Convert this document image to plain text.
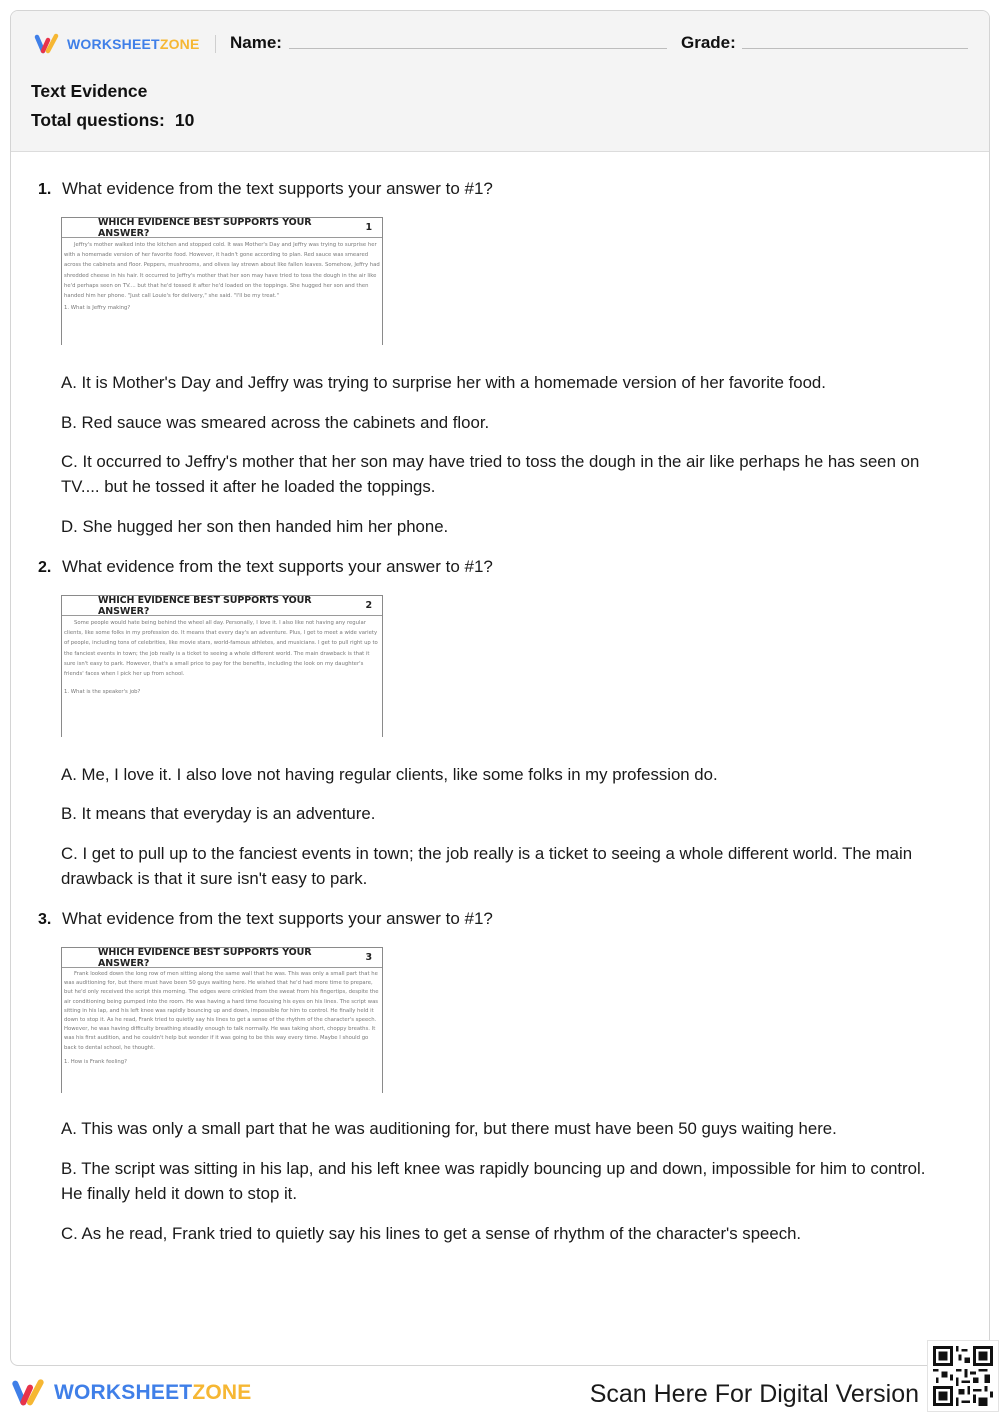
WORKSHEETZONE Name:	Grade:
Text Evidence
Total questions: 10
1. What evidence from the text supports your answer to #1?
WHICH EVIDENCE BEST SUPPORTS YOUR ANSWER?	1
Jeffry's mother walked into the kitchen and stopped cold. It was Mother's Day and Jeffry was trying to surprise her with a homemade version of her favorite food. However, it hadn't gone according to plan. Red sauce was smeared across the cabinets and floor. Peppers, mushrooms, and olives lay strewn about like fallen leaves. Somehow, Jeffry had shredded cheese in his hair. It occurred to Jeffry's mother that her son may have tried to toss the dough in the air like he'd perhaps seen on TV.... but that he'd tossed it after he'd loaded on the toppings. She hugged her son and then handed him her phone. "Just call Louie's for delivery," she said. "I'll be my treat."
1. What is Jeffry making?
A. It is Mother's Day and Jeffry was trying to surprise her with a homemade version of her favorite food.
B. Red sauce was smeared across the cabinets and floor.
C. It occurred to Jeffry's mother that her son may have tried to toss the dough in the air like perhaps he has seen on TV.... but he tossed it after he loaded the toppings.
D. She hugged her son then handed him her phone.
2. What evidence from the text supports your answer to #1?
WHICH EVIDENCE BEST SUPPORTS YOUR ANSWER?	2
Some people would hate being behind the wheel all day. Personally, I love it. I also like not having any regular clients, like some folks in my profession do. It means that every day's an adventure. Plus, I get to meet a wide variety of people, including tons of celebrities, like movie stars, world-famous athletes, and musicians. I get to pull right up to the fanciest events in town; the job really is a ticket to seeing a whole different world. The main drawback is that it sure isn't easy to park. However, that's a small price to pay for the benefits, including the look on my daughter's friends' faces when I pick her up from school.
1. What is the speaker's job?
A. Me, I love it. I also love not having regular clients, like some folks in my profession do.
B. It means that everyday is an adventure.
C. I get to pull up to the fanciest events in town; the job really is a ticket to seeing a whole different world. The main drawback is that it sure isn't easy to park.
3. What evidence from the text supports your answer to #1?
WHICH EVIDENCE BEST SUPPORTS YOUR ANSWER?	3
Frank looked down the long row of men sitting along the same wall that he was. This was only a small part that he was auditioning for, but there must have been 50 guys waiting here. He wished that he'd had more time to prepare, but he'd only received the script this morning. The edges were crinkled from the sweat from his fingertips, despite the air conditioning being pumped into the room. He was having a hard time focusing his eyes on his lines. The script was sitting in his lap, and his left knee was rapidly bouncing up and down, impossible for him to control. He finally held it down to stop it. As he read, Frank tried to quietly say his lines to get a sense of the rhythm of the character's speech. However, he was having difficulty breathing steadily enough to talk normally. He was taking short, choppy breaths. It was his first audition, and he couldn't help but wonder if it was going to be this way every time. Maybe I should go back to dental school, he thought.
1. How is Frank feeling?
A. This was only a small part that he was auditioning for, but there must have been 50 guys waiting here.
B. The script was sitting in his lap, and his left knee was rapidly bouncing up and down, impossible for him to control. He finally held it down to stop it.
C. As he read, Frank tried to quietly say his lines to get a sense of rhythm of the character's speech.
WORKSHEETZONE	Scan Here For Digital Version
